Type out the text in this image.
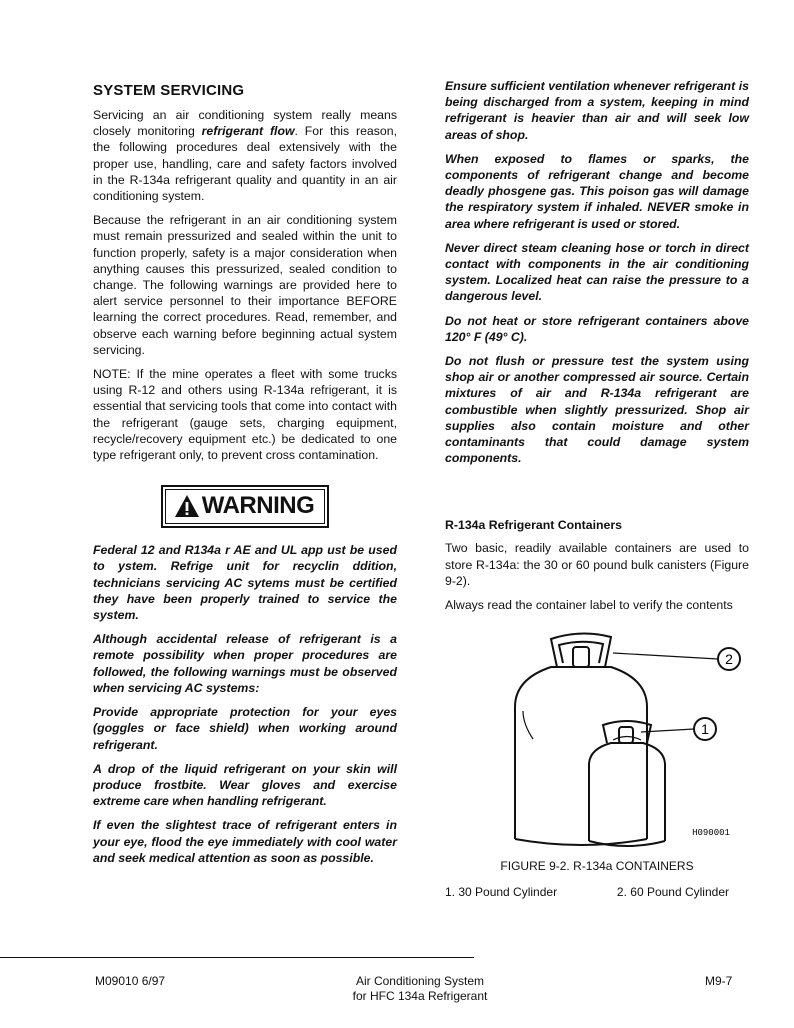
SYSTEM SERVICING

Servicing an air conditioning system really means closely monitoring refrigerant flow. For this reason, the following procedures deal extensively with the proper use, handling, care and safety factors involved in the R-134a refrigerant quality and quantity in an air conditioning system.

Because the refrigerant in an air conditioning system must remain pressurized and sealed within the unit to function properly, safety is a major consideration when anything causes this pressurized, sealed condition to change. The following warnings are provided here to alert service personnel to their importance BEFORE learning the correct procedures. Read, remember, and observe each warning before beginning actual system servicing.

NOTE: If the mine operates a fleet with some trucks using R-12 and others using R-134a refrigerant, it is essential that servicing tools that come into contact with the refrigerant (gauge sets, charging equipment, recycle/recovery equipment etc.) be dedicated to one type refrigerant only, to prevent cross contamination.

WARNING

Federal 12 and R134a r AE and UL app ust be used to ystem. Refrige unit for recyclin ddition, technicians servicing AC sytems must be certified they have been properly trained to service the system.

Although accidental release of refrigerant is a remote possibility when proper procedures are followed, the following warnings must be observed when servicing AC systems:

Provide appropriate protection for your eyes (goggles or face shield) when working around refrigerant.

A drop of the liquid refrigerant on your skin will produce frostbite. Wear gloves and exercise extreme care when handling refrigerant.

If even the slightest trace of refrigerant enters in your eye, flood the eye immediately with cool water and seek medical attention as soon as possible.

Ensure sufficient ventilation whenever refrigerant is being discharged from a system, keeping in mind refrigerant is heavier than air and will seek low areas of shop.

When exposed to flames or sparks, the components of refrigerant change and become deadly phosgene gas. This poison gas will damage the respiratory system if inhaled. NEVER smoke in area where refrigerant is used or stored.

Never direct steam cleaning hose or torch in direct contact with components in the air conditioning system. Localized heat can raise the pressure to a dangerous level.

Do not heat or store refrigerant containers above 120° F (49° C).

Do not flush or pressure test the system using shop air or another compressed air source. Certain mixtures of air and R-134a refrigerant are combustible when slightly pressurized. Shop air supplies also contain moisture and other contaminants that could damage system components.

R-134a Refrigerant Containers

Two basic, readily available containers are used to store R-134a: the 30 or 60 pound bulk canisters (Figure 9-2).

Always read the container label to verify the contents

2
1
H090001
FIGURE 9-2. R-134a CONTAINERS
1. 30 Pound Cylinder	2. 60 Pound Cylinder
M09010 6/97	Air Conditioning System
for HFC 134a Refrigerant
M9-7
